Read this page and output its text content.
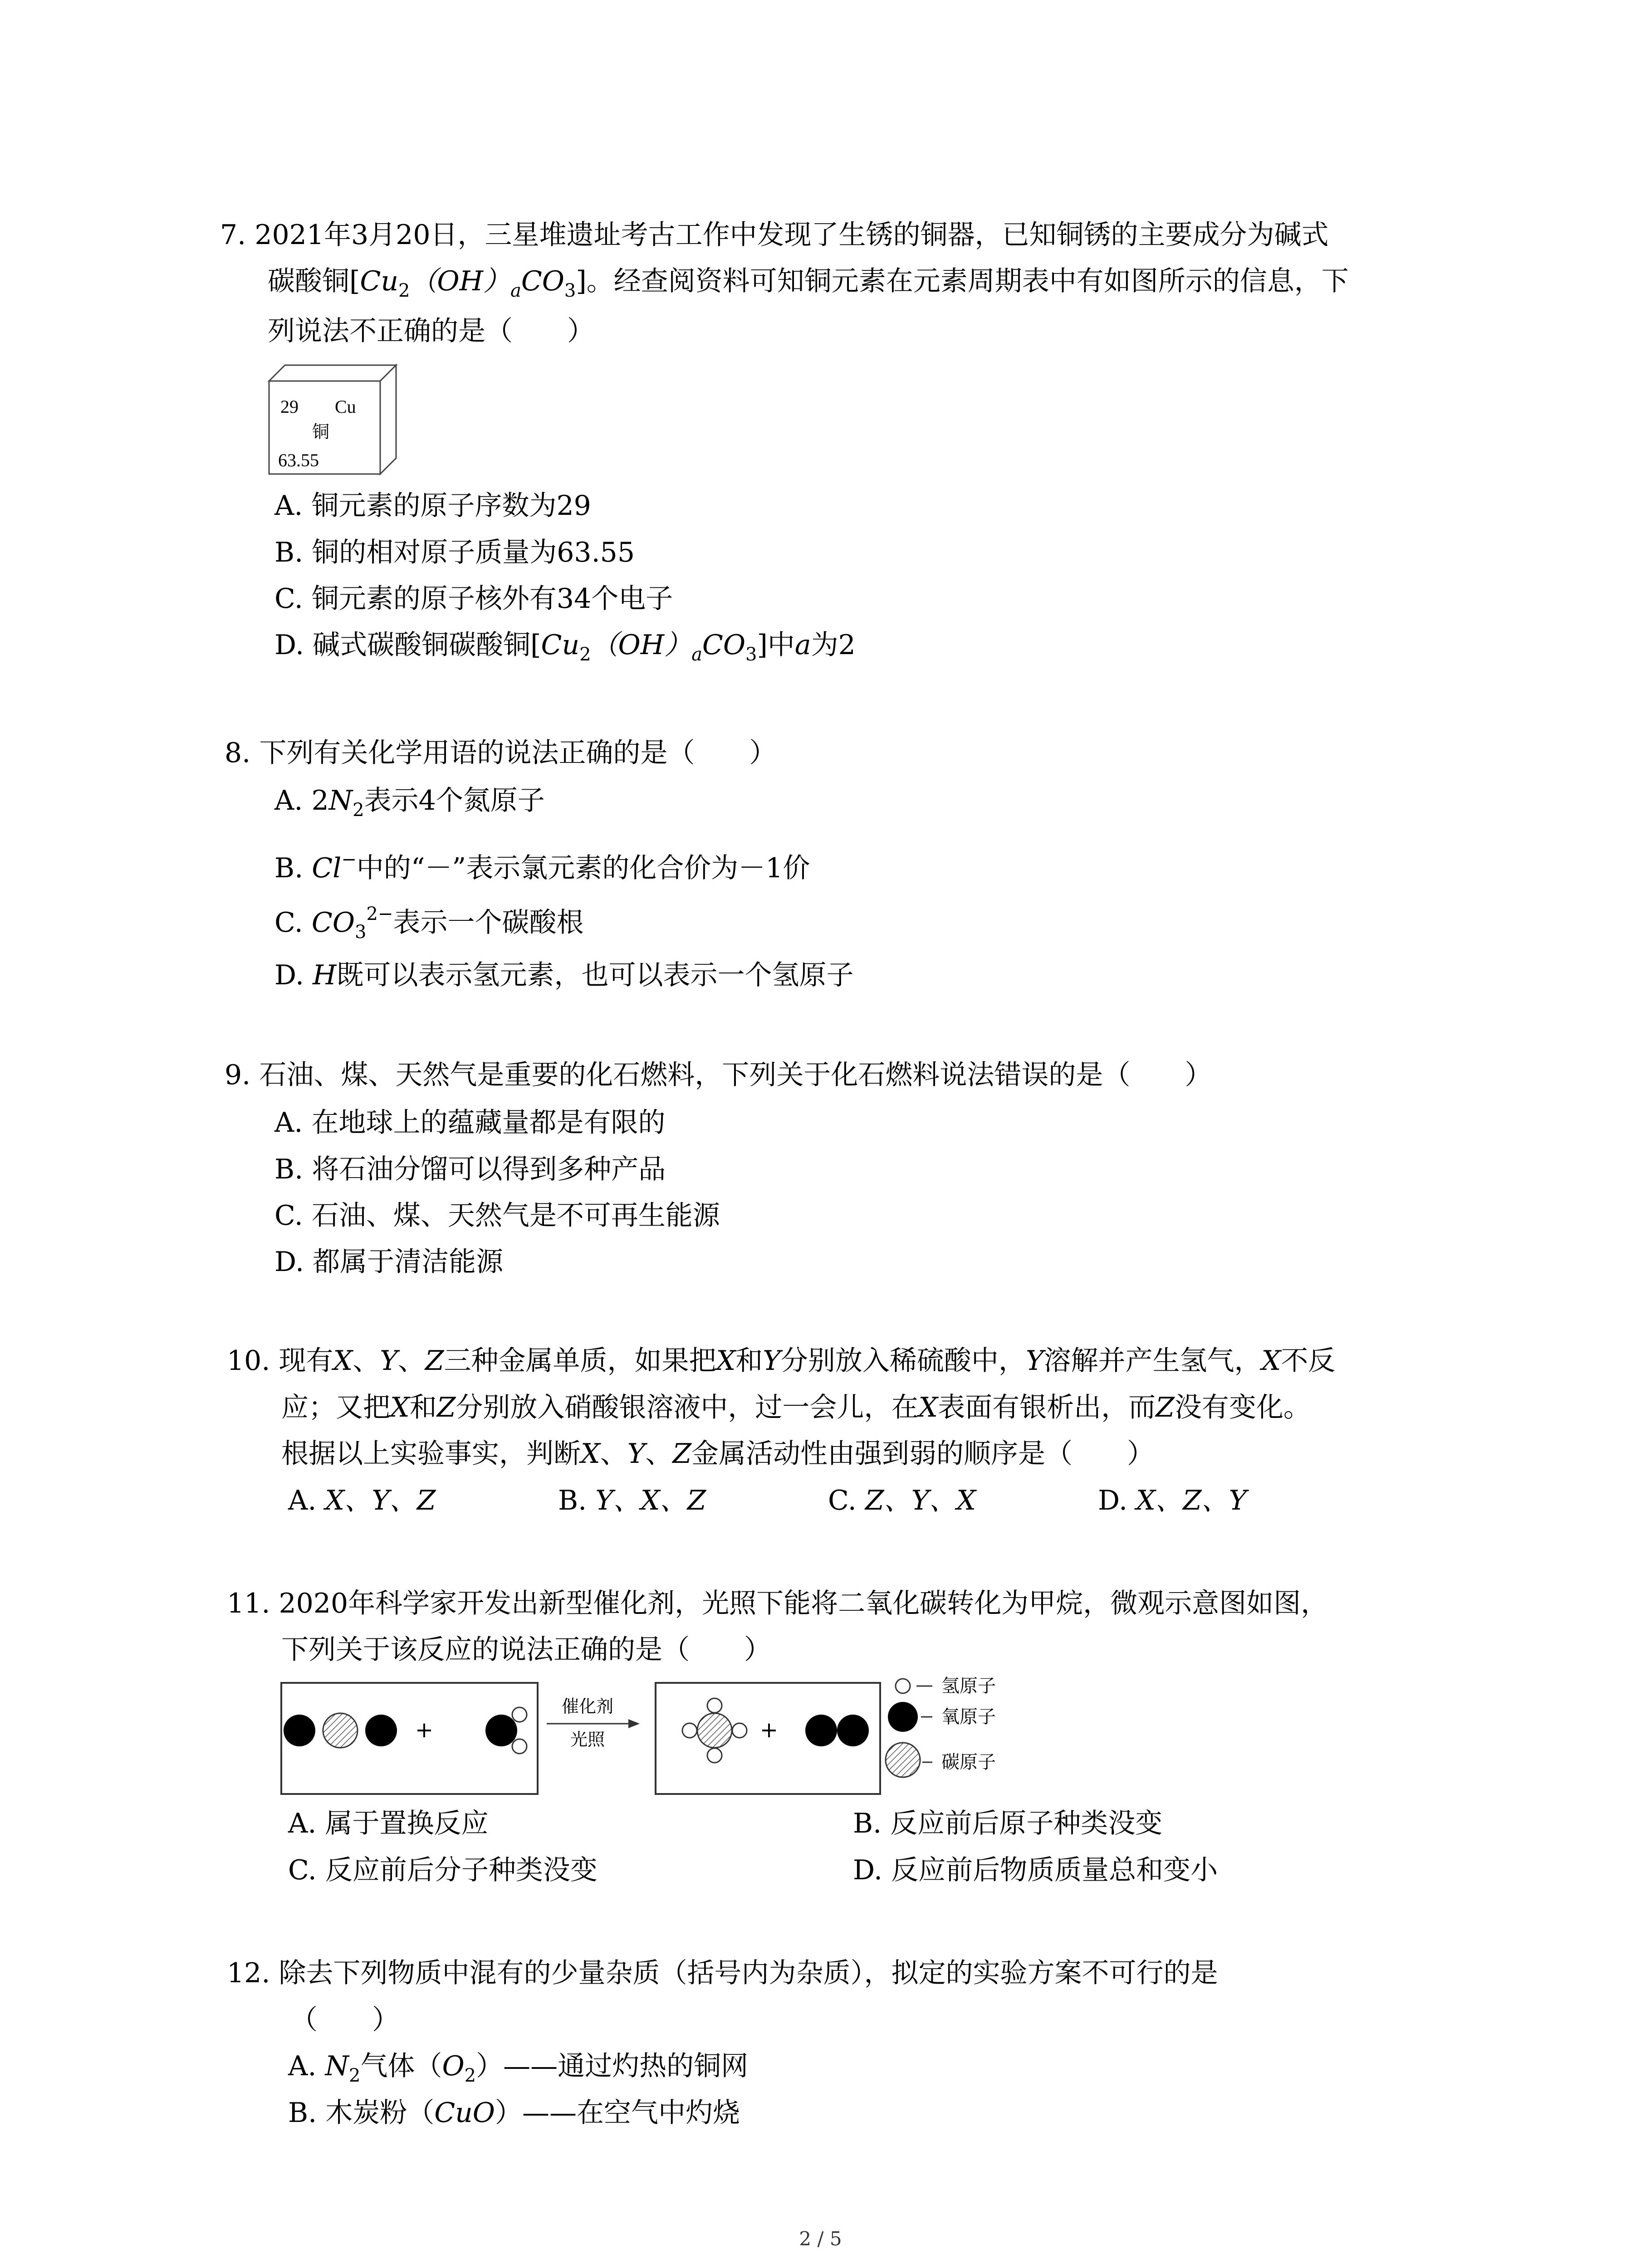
7. 2021年3月20日，三星堆遗址考古工作中发现了生锈的铜器，已知铜锈的主要成分为碱式
碳酸铜$[Cu_2(OH)_aCO_3]$。经查阅资料可知铜元素在元素周期表中有如图所示的信息，下
列说法不正确的是（　　）
29 Cu
铜
63.55
A. 铜元素的原子序数为29
B. 铜的相对原子质量为63.55
C. 铜元素的原子核外有34个电子
D. 碱式碳酸铜碳酸铜$[Cu_2(OH)_aCO_3]$中a为2
8. 下列有关化学用语的说法正确的是（　　）
A. $2N_2$表示4个氮原子
B. Cl−中的“－”表示氯元素的化合价为－1价
C. $CO_3^{2-}$表示一个碳酸根
D. H既可以表示氢元素，也可以表示一个氢原子
9. 石油、煤、天然气是重要的化石燃料，下列关于化石燃料说法错误的是（　　）
A. 在地球上的蕴藏量都是有限的
B. 将石油分馏可以得到多种产品
C. 石油、煤、天然气是不可再生能源
D. 都属于清洁能源
10. 现有X、Y、Z三种金属单质，如果把X和Y分别放入稀硫酸中，Y溶解并产生氢气，X不反
应；又把X和Z分别放入硝酸银溶液中，过一会儿，在X表面有银析出，而Z没有变化。
根据以上实验事实，判断X、Y、Z金属活动性由强到弱的顺序是（　　）
A. X、Y、Z	B. Y、X、Z	C. Z、Y、X	D. X、Z、Y
11. 2020年科学家开发出新型催化剂，光照下能将二氧化碳转化为甲烷，微观示意图如图，
下列关于该反应的说法正确的是（　　）
+
催化剂
光照	+
氢原子
氧原子
碳原子
A. 属于置换反应	B. 反应前后原子种类没变
C. 反应前后分子种类没变	D. 反应前后物质质量总和变小
12. 除去下列物质中混有的少量杂质（括号内为杂质），拟定的实验方案不可行的是
（　　）
A. $N_2$气体$(O_2)——$通过灼热的铜网
B. 木炭粉（CuO）——在空气中灼烧
2 / 5
